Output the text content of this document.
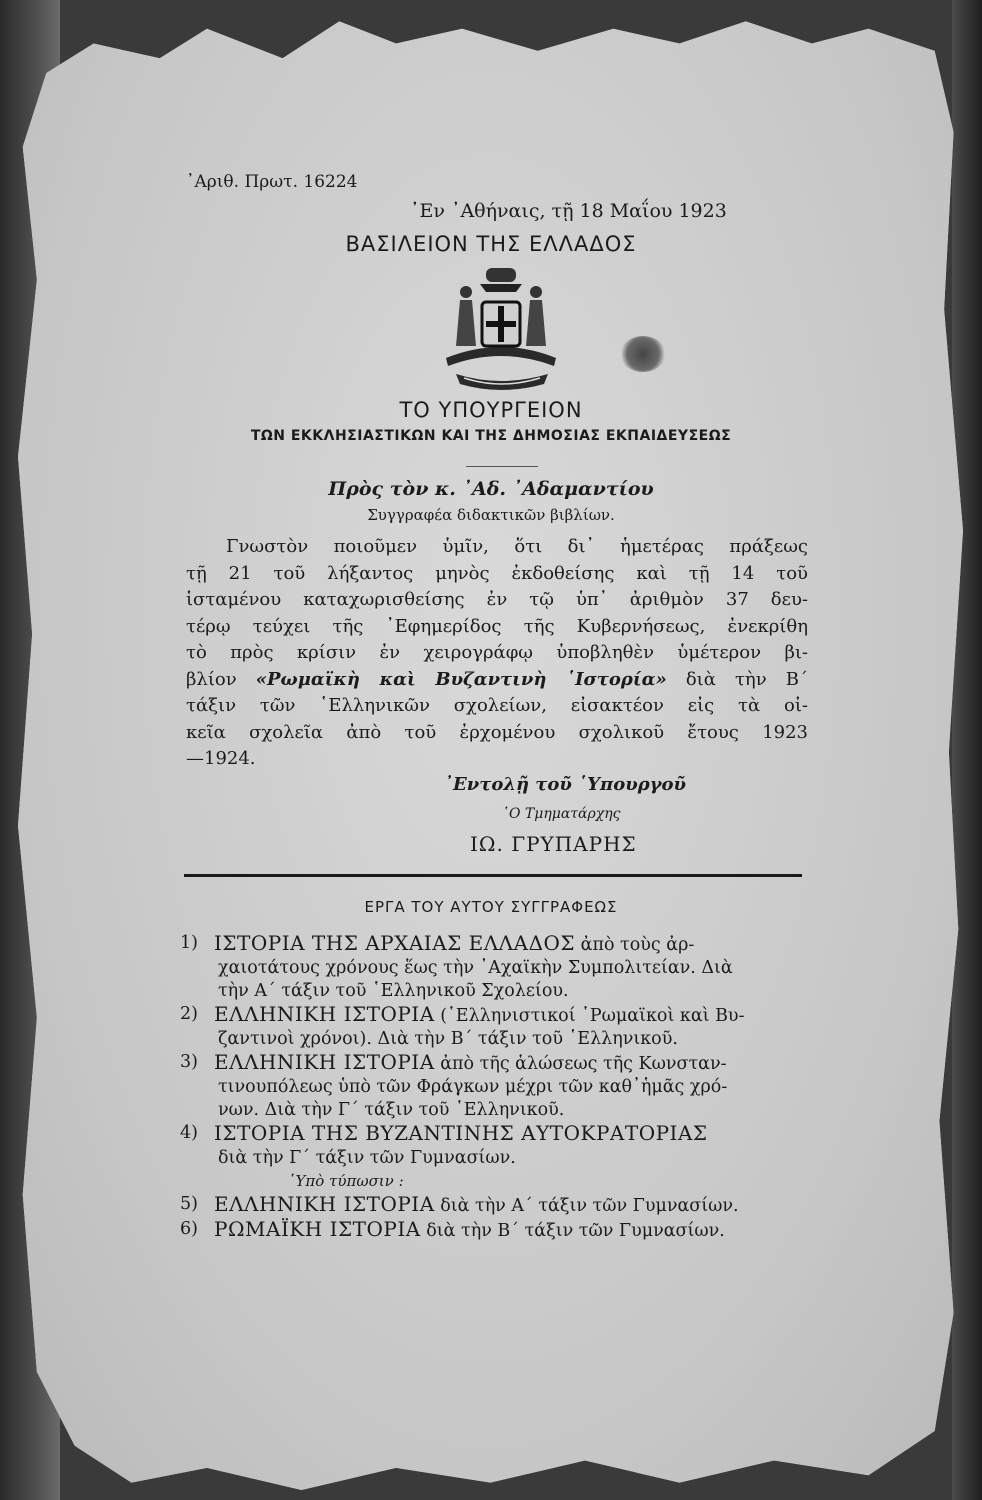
᾿Αριθ. Πρωτ. 16224
᾿Εν ᾿Αθήναις, τῇ 18 Μαΐου 1923
ΒΑΣΙΛΕΙΟΝ ΤΗΣ ΕΛΛΑΔΟΣ
ΤΟ ΥΠΟΥΡΓΕΙΟΝ
ΤΩΝ ΕΚΚΛΗΣΙΑΣΤΙΚΩΝ ΚΑΙ ΤΗΣ ΔΗΜΟΣΙΑΣ ΕΚΠΑΙΔΕΥΣΕΩΣ
Πρὸς τὸν κ. ᾿Αδ. ᾿Αδαμαντίου
Συγγραφέα διδακτικῶν βιβλίων.
Γνωστὸν ποιοῦμεν ὑμῖν, ὅτι δι᾿ ἡμετέρας πράξεως
τῇ 21 τοῦ λήξαντος μηνὸς ἐκδοθείσης καὶ τῇ 14 τοῦ
ἱσταμένου καταχωρισθείσης ἐν τῷ ὑπ᾿ ἀριθμὸν 37 δευ-
τέρῳ τεύχει τῆς ᾿Εφημερίδος τῆς Κυβερνήσεως, ἐνεκρίθη
τὸ πρὸς κρίσιν ἐν χειρογράφῳ ὑποβληθὲν ὑμέτερον βι-
βλίον «Ρωμαϊκὴ καὶ Βυζαντινὴ ῾Ιστορία» διὰ τὴν Β´
τάξιν τῶν ῾Ελληνικῶν σχολείων, εἰσακτέον εἰς τὰ οἰ-
κεῖα σχολεῖα ἀπὸ τοῦ ἐρχομένου σχολικοῦ ἔτους 1923
—1924.
᾿Εντολῇ τοῦ ῾Υπουργοῦ
῾Ο Τμηματάρχης
ΙΩ. ΓΡΥΠΑΡΗΣ
ΕΡΓΑ ΤΟΥ ΑΥΤΟΥ ΣΥΓΓΡΑΦΕΩΣ
1) ΙΣΤΟΡΙΑ ΤΗΣ ΑΡΧΑΙΑΣ ΕΛΛΑΔΟΣ ἀπὸ τοὺς ἀρ-
χαιοτάτους χρόνους ἕως τὴν ᾿Αχαϊκὴν Συμπολιτείαν. Διὰ
τὴν Α´ τάξιν τοῦ ῾Ελληνικοῦ Σχολείου.
2) ΕΛΛΗΝΙΚΗ ΙΣΤΟΡΙΑ (῾Ελληνιστικοί ῾Ρωμαϊκοὶ καὶ Βυ-
ζαντινοὶ χρόνοι). Διὰ τὴν Β´ τάξιν τοῦ ῾Ελληνικοῦ.
3) ΕΛΛΗΝΙΚΗ ΙΣΤΟΡΙΑ ἀπὸ τῆς ἁλώσεως τῆς Κωνσταν-
τινουπόλεως ὑπὸ τῶν Φράγκων μέχρι τῶν καθ᾿ἡμᾶς χρό-
νων. Διὰ τὴν Γ´ τάξιν τοῦ ῾Ελληνικοῦ.
4) ΙΣΤΟΡΙΑ ΤΗΣ ΒΥΖΑΝΤΙΝΗΣ ΑΥΤΟΚΡΑΤΟΡΙΑΣ
διὰ τὴν Γ´ τάξιν τῶν Γυμνασίων.
῾Υπὸ τύπωσιν :
5) ΕΛΛΗΝΙΚΗ ΙΣΤΟΡΙΑ διὰ τὴν Α´ τάξιν τῶν Γυμνασίων.
6) ΡΩΜΑΪΚΗ ΙΣΤΟΡΙΑ διὰ τὴν Β´ τάξιν τῶν Γυμνασίων.
